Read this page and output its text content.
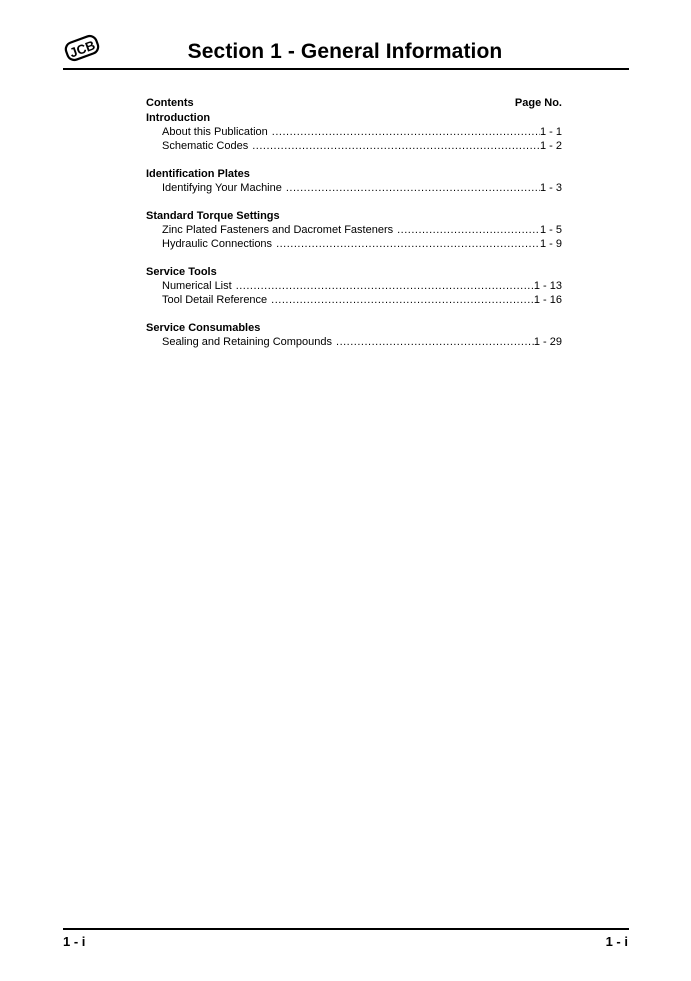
JCB	Section 1 - General Information
Contents	Page No.
Introduction
About this Publication .....	1 - 1
Schematic Codes .....	1 - 2
Identification Plates
Identifying Your Machine .....	1 - 3
Standard Torque Settings
Zinc Plated Fasteners and Dacromet Fasteners .....	1 - 5
Hydraulic Connections .....	1 - 9
Service Tools
Numerical List .....	1 - 13
Tool Detail Reference .....	1 - 16
Service Consumables
Sealing and Retaining Compounds .....	1 - 29
1 - i	1 - i
